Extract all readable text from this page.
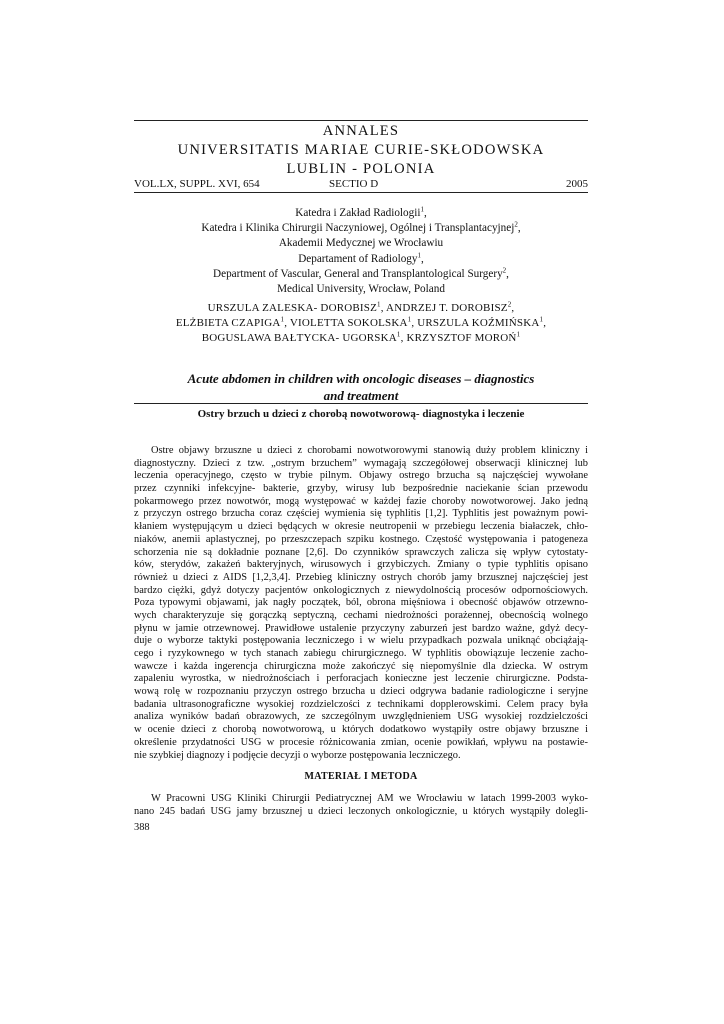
ANNALES
UNIVERSITATIS MARIAE CURIE-SKŁODOWSKA
LUBLIN - POLONIA
VOL.LX, SUPPL. XVI, 654	SECTIO D	2005
Katedra i Zakład Radiologii$^1$,
Katedra i Klinika Chirurgii Naczyniowej, Ogólnej i Transplantacyjnej$^2$,
Akademii Medycznej we Wrocławiu
Departament of Radiology$^1$,
Department of Vascular, General and Transplantological Surgery$^2$,
Medical University, Wrocław, Poland
URSZULA ZALESKA- DOROBISZ$^1$, ANDRZEJ T. DOROBISZ$^2$,
ELŻBIETA CZAPIGA$^1$, VIOLETTA SOKOLSKA$^1$, URSZULA KOŹMIŃSKA$^1$,
BOGUSLAWA BAŁTYCKA- UGORSKA$^1$, KRZYSZTOF MOROŃ$^1$
Acute abdomen in children with oncologic diseases – diagnostics
and treatment
Ostry brzuch u dzieci z chorobą nowotworową- diagnostyka i leczenie
Ostre objawy brzuszne u dzieci z chorobami nowotworowymi stanowią duży problem kliniczny i
diagnostyczny. Dzieci z tzw. „ostrym brzuchem” wymagają szczegółowej obserwacji klinicznej lub
leczenia operacyjnego, często w trybie pilnym. Objawy ostrego brzucha są najczęściej wywołane
przez czynniki infekcyjne- bakterie, grzyby, wirusy lub bezpośrednie naciekanie ścian przewodu
pokarmowego przez nowotwór, mogą występować w każdej fazie choroby nowotworowej. Jako jedną
z przyczyn ostrego brzucha coraz częściej wymienia się typhlitis [1,2]. Typhlitis jest poważnym powi-
kłaniem występującym u dzieci będących w okresie neutropenii w przebiegu leczenia białaczek, chło-
niaków, anemii aplastycznej, po przeszczepach szpiku kostnego. Częstość występowania i patogeneza
schorzenia nie są dokładnie poznane [2,6]. Do czynników sprawczych zalicza się wpływ cytostaty-
ków, sterydów, zakażeń bakteryjnych, wirusowych i grzybiczych. Zmiany o typie typhlitis opisano
również u dzieci z AIDS [1,2,3,4]. Przebieg kliniczny ostrych chorób jamy brzusznej najczęściej jest
bardzo ciężki, gdyż dotyczy pacjentów onkologicznych z niewydolnością procesów odpornościowych.
Poza typowymi objawami, jak nagły początek, ból, obrona mięśniowa i obecność objawów otrzewno-
wych charakteryzuje się gorączką septyczną, cechami niedrożności porażennej, obecnością wolnego
płynu w jamie otrzewnowej. Prawidłowe ustalenie przyczyny zaburzeń jest bardzo ważne, gdyż decy-
duje o wyborze taktyki postępowania leczniczego i w wielu przypadkach pozwala uniknąć obciążają-
cego i ryzykownego w tych stanach zabiegu chirurgicznego. W typhlitis obowiązuje leczenie zacho-
wawcze i każda ingerencja chirurgiczna może zakończyć się niepomyślnie dla dziecka. W ostrym
zapaleniu wyrostka, w niedrożnościach i perforacjach konieczne jest leczenie chirurgiczne. Podsta-
wową rolę w rozpoznaniu przyczyn ostrego brzucha u dzieci odgrywa badanie radiologiczne i seryjne
badania ultrasonograficzne wysokiej rozdzielczości z technikami dopplerowskimi. Celem pracy była
analiza wyników badań obrazowych, ze szczególnym uwzględnieniem USG wysokiej rozdzielczości
w ocenie dzieci z chorobą nowotworową, u których dodatkowo wystąpiły ostre objawy brzuszne i
określenie przydatności USG w procesie różnicowania zmian, ocenie powikłań, wpływu na postawie-
nie szybkiej diagnozy i podjęcie decyzji o wyborze postępowania leczniczego.
MATERIAŁ I METODA
W Pracowni USG Kliniki Chirurgii Pediatrycznej AM we Wrocławiu w latach 1999-2003 wyko-
nano 245 badań USG jamy brzusznej u dzieci leczonych onkologicznie, u których wystąpiły dolegli-
388
